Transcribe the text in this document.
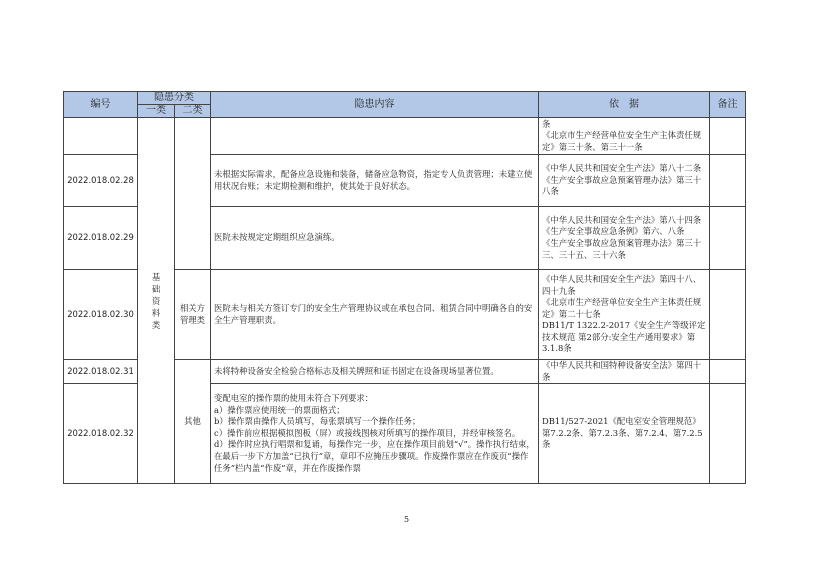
编号	隐患分类		隐患内容	依　据	备注
	一类	二类			

	基础资料类			条
《北京市生产经营单位安全生产主体责任规定》第三十条、第三十一条	

2022.018.02.28			未根据实际需求，配备应急设施和装备，储备应急物资，指定专人负责管理；未建立使用状况台账；未定期检测和维护，使其处于良好状态。	《中华人民共和国安全生产法》第八十二条
《生产安全事故应急预案管理办法》第三十八条	

2022.018.02.29			医院未按规定定期组织应急演练。	《中华人民共和国安全生产法》第八十四条
《生产安全事故应急条例》第六、八条
《生产安全事故应急预案管理办法》第三十三、三十五、三十六条	

2022.018.02.30		相关方管理类	医院未与相关方签订专门的安全生产管理协议或在承包合同、租赁合同中明确各自的安全生产管理职责。	《中华人民共和国安全生产法》第四十八、四十九条
《北京市生产经营单位安全生产主体责任规定》第二十七条
DB11/T 1322.2-2017《安全生产等级评定技术规范 第2部分:安全生产通用要求》第3.1.8条	

2022.018.02.31		其他	未将特种设备安全检验合格标志及相关牌照和证书固定在设备现场显著位置。	《中华人民共和国特种设备安全法》第四十条	

2022.018.02.32			变配电室的操作票的使用未符合下列要求：
a）操作票应使用统一的票面格式；
b）操作票由操作人员填写，每张票填写一个操作任务；
c）操作前应根据模拟图板（屏）或接线图核对所填写的操作项目，并经审核签名。
d）操作时应执行唱票和复诵，每操作完一步，应在操作项目前划“√”。操作执行结束，在最后一步下方加盖“已执行”章，章印不应掩压步骤项。作废操作票应在作废页“操作任务”栏内盖“作废”章，并在作废操作票	DB11/527-2021《配电室安全管理规范》第7.2.2条、第7.2.3条、第7.2.4、第7.2.5条	

5
